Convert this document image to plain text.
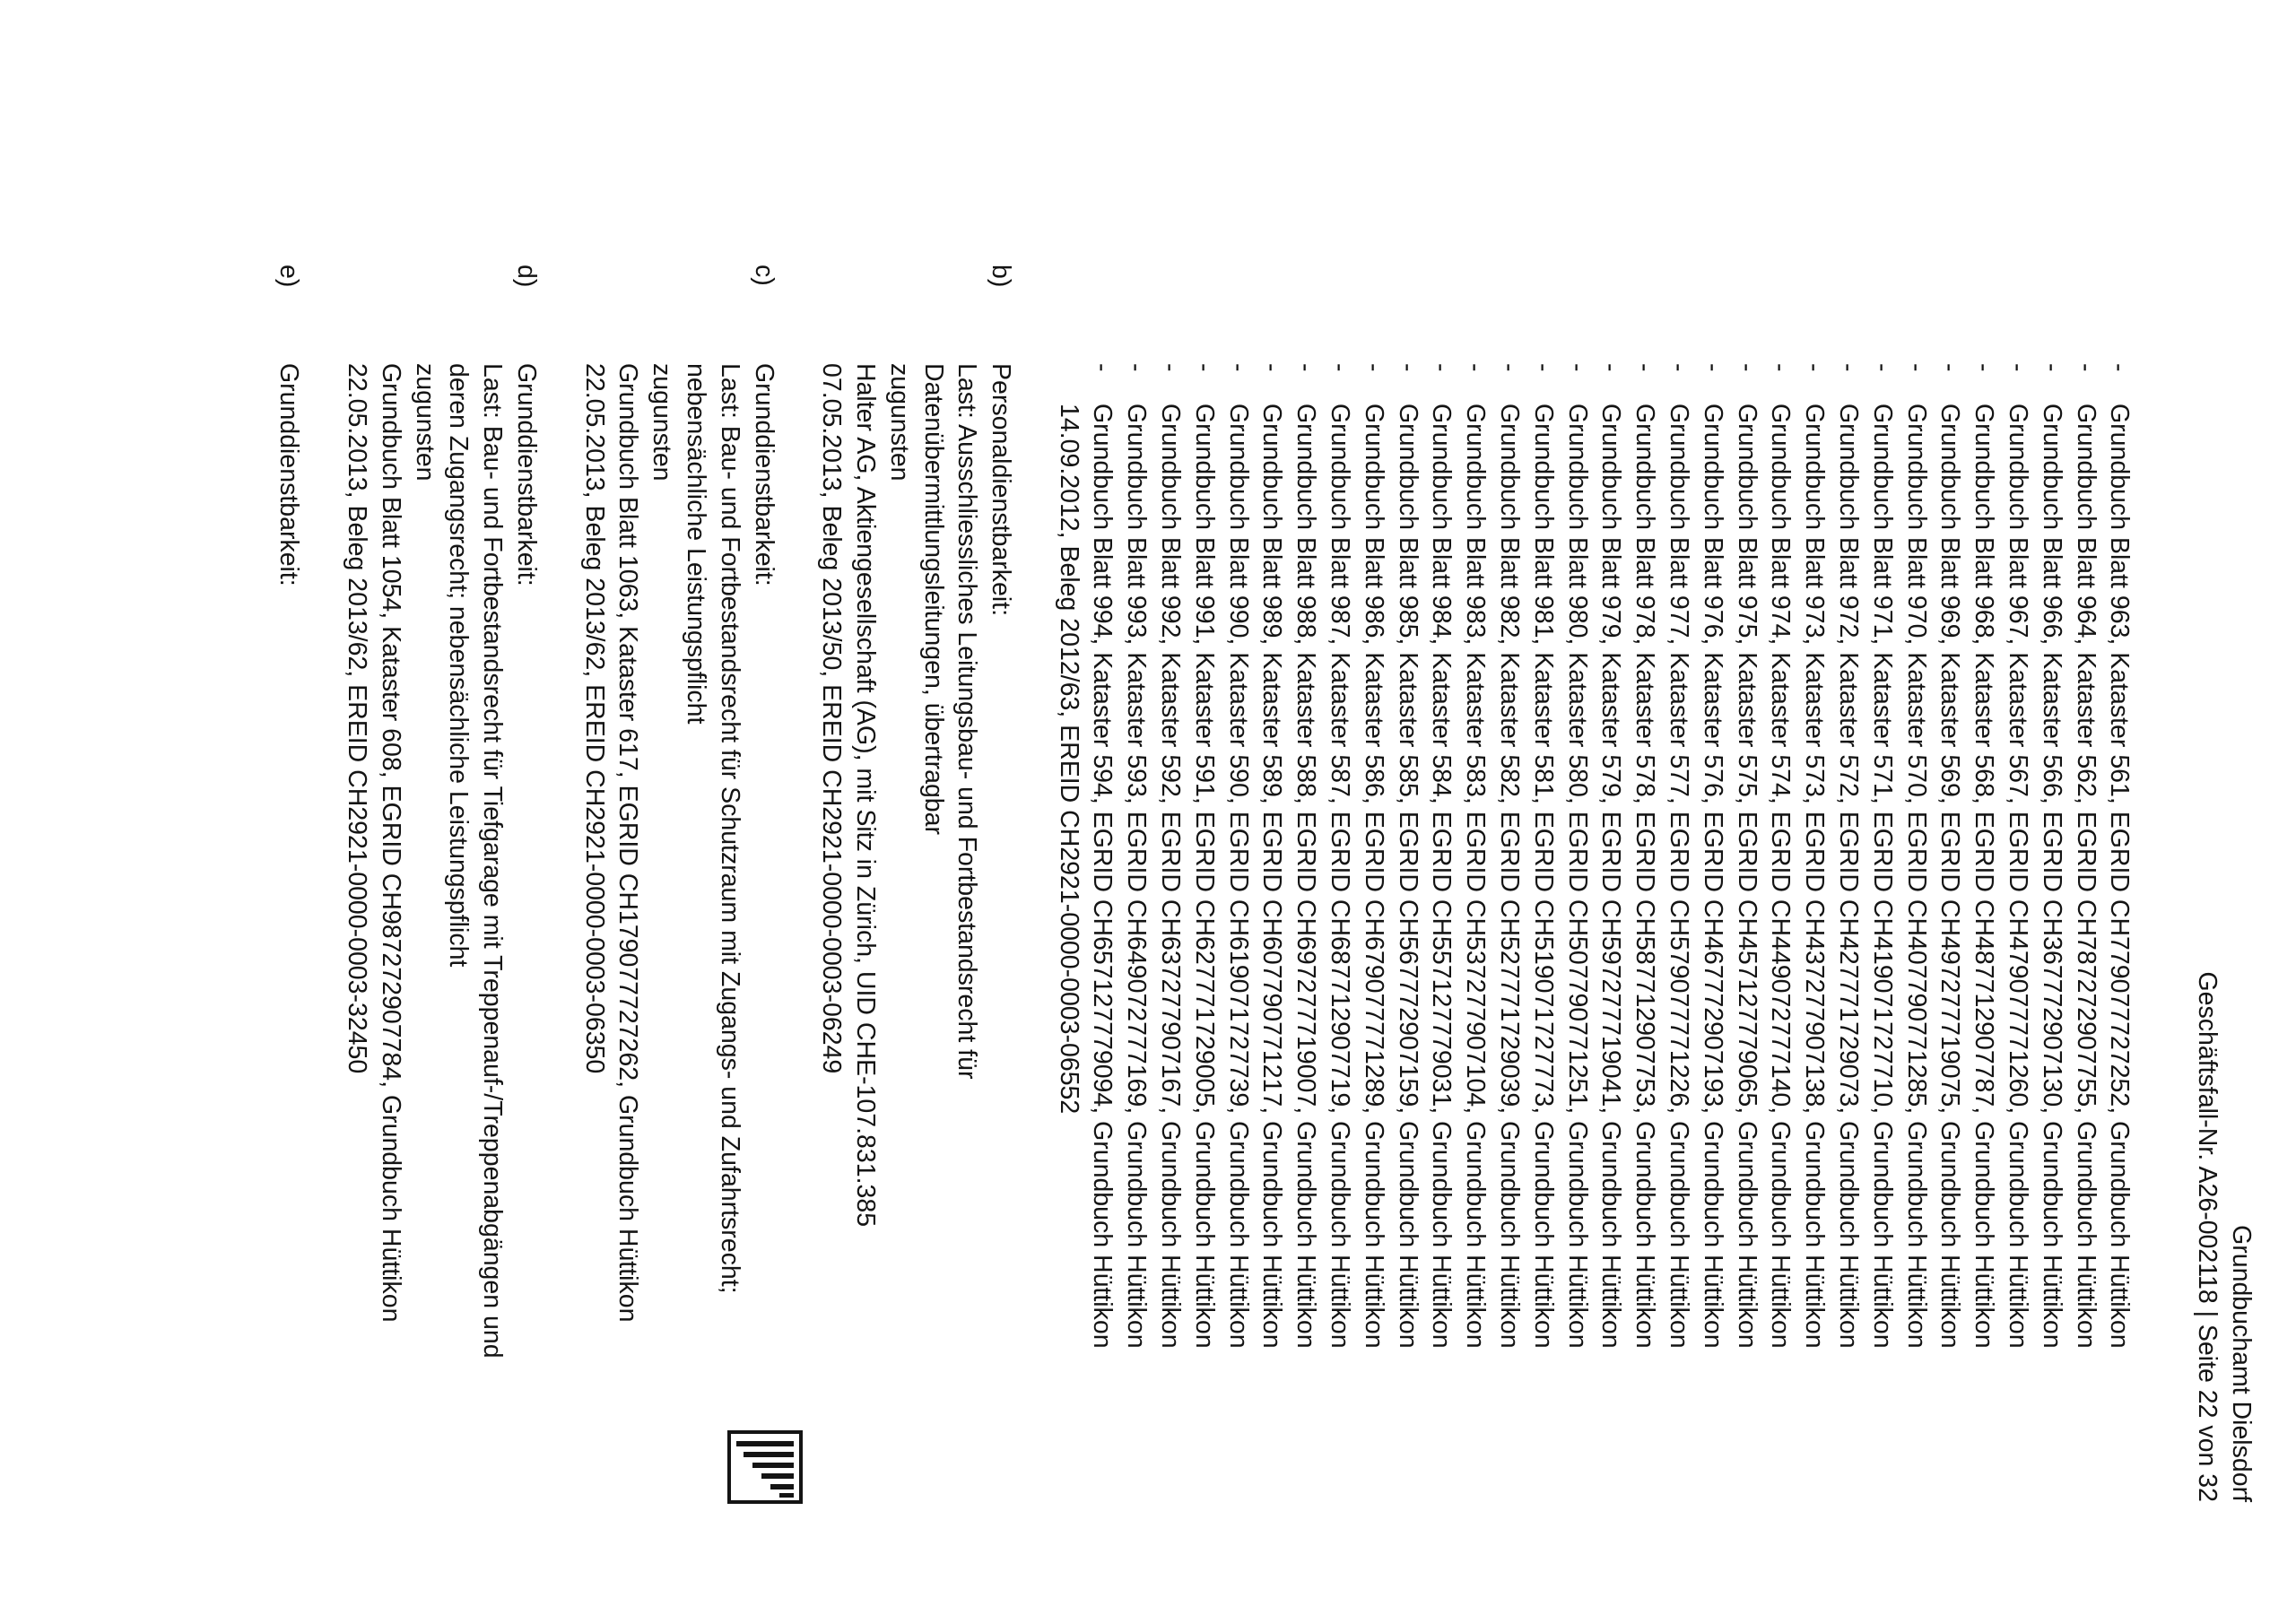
Grundbuchamt Dielsdorf
Geschäftsfall-Nr. A26-002118 | Seite 22 von 32
-
Grundbuch Blatt 963, Kataster 561, EGRID CH779077727252, Grundbuch Hüttikon
-
Grundbuch Blatt 964, Kataster 562, EGRID CH787272907755, Grundbuch Hüttikon
-
Grundbuch Blatt 966, Kataster 566, EGRID CH367772907130, Grundbuch Hüttikon
-
Grundbuch Blatt 967, Kataster 567, EGRID CH479077771260, Grundbuch Hüttikon
-
Grundbuch Blatt 968, Kataster 568, EGRID CH487712907787, Grundbuch Hüttikon
-
Grundbuch Blatt 969, Kataster 569, EGRID CH497277719075, Grundbuch Hüttikon
-
Grundbuch Blatt 970, Kataster 570, EGRID CH407790771285, Grundbuch Hüttikon
-
Grundbuch Blatt 971, Kataster 571, EGRID CH419071727710, Grundbuch Hüttikon
-
Grundbuch Blatt 972, Kataster 572, EGRID CH427771729073, Grundbuch Hüttikon
-
Grundbuch Blatt 973, Kataster 573, EGRID CH437277907138, Grundbuch Hüttikon
-
Grundbuch Blatt 974, Kataster 574, EGRID CH449072777140, Grundbuch Hüttikon
-
Grundbuch Blatt 975, Kataster 575, EGRID CH457127779065, Grundbuch Hüttikon
-
Grundbuch Blatt 976, Kataster 576, EGRID CH467772907193, Grundbuch Hüttikon
-
Grundbuch Blatt 977, Kataster 577, EGRID CH579077771226, Grundbuch Hüttikon
-
Grundbuch Blatt 978, Kataster 578, EGRID CH587712907753, Grundbuch Hüttikon
-
Grundbuch Blatt 979, Kataster 579, EGRID CH597277719041, Grundbuch Hüttikon
-
Grundbuch Blatt 980, Kataster 580, EGRID CH507790771251, Grundbuch Hüttikon
-
Grundbuch Blatt 981, Kataster 581, EGRID CH519071727773, Grundbuch Hüttikon
-
Grundbuch Blatt 982, Kataster 582, EGRID CH527771729039, Grundbuch Hüttikon
-
Grundbuch Blatt 983, Kataster 583, EGRID CH537277907104, Grundbuch Hüttikon
-
Grundbuch Blatt 984, Kataster 584, EGRID CH557127779031, Grundbuch Hüttikon
-
Grundbuch Blatt 985, Kataster 585, EGRID CH567772907159, Grundbuch Hüttikon
-
Grundbuch Blatt 986, Kataster 586, EGRID CH679077771289, Grundbuch Hüttikon
-
Grundbuch Blatt 987, Kataster 587, EGRID CH687712907719, Grundbuch Hüttikon
-
Grundbuch Blatt 988, Kataster 588, EGRID CH697277719007, Grundbuch Hüttikon
-
Grundbuch Blatt 989, Kataster 589, EGRID CH607790771217, Grundbuch Hüttikon
-
Grundbuch Blatt 990, Kataster 590, EGRID CH619071727739, Grundbuch Hüttikon
-
Grundbuch Blatt 991, Kataster 591, EGRID CH627771729005, Grundbuch Hüttikon
-
Grundbuch Blatt 992, Kataster 592, EGRID CH637277907167, Grundbuch Hüttikon
-
Grundbuch Blatt 993, Kataster 593, EGRID CH649072777169, Grundbuch Hüttikon
-
Grundbuch Blatt 994, Kataster 594, EGRID CH657127779094, Grundbuch Hüttikon
14.09.2012, Beleg 2012/63, EREID CH2921-0000-0003-06552
b)
Personaldienstbarkeit:
Last: Ausschliessliches Leitungsbau- und Fortbestandsrecht für Datenübermittlungsleitungen, übertragbar
zugunsten
Halter AG, Aktiengesellschaft (AG), mit Sitz in Zürich, UID CHE-107.831.385
07.05.2013, Beleg 2013/50, EREID CH2921-0000-0003-06249
c)
Grunddienstbarkeit:
Last: Bau- und Fortbestandsrecht für Schutzraum mit Zugangs- und Zufahrtsrecht; nebensächliche Leistungspflicht
zugunsten
Grundbuch Blatt 1063, Kataster 617, EGRID CH179077727262, Grundbuch Hüttikon
22.05.2013, Beleg 2013/62, EREID CH2921-0000-0003-06350
d)
Grunddienstbarkeit:
Last: Bau- und Fortbestandsrecht für Tiefgarage mit Treppenauf-/Treppenabgängen und deren Zugangsrecht; nebensächliche Leistungspflicht
zugunsten
Grundbuch Blatt 1054, Kataster 608, EGRID CH987272907784, Grundbuch Hüttikon
22.05.2013, Beleg 2013/62, EREID CH2921-0000-0003-32450
e)
Grunddienstbarkeit:
